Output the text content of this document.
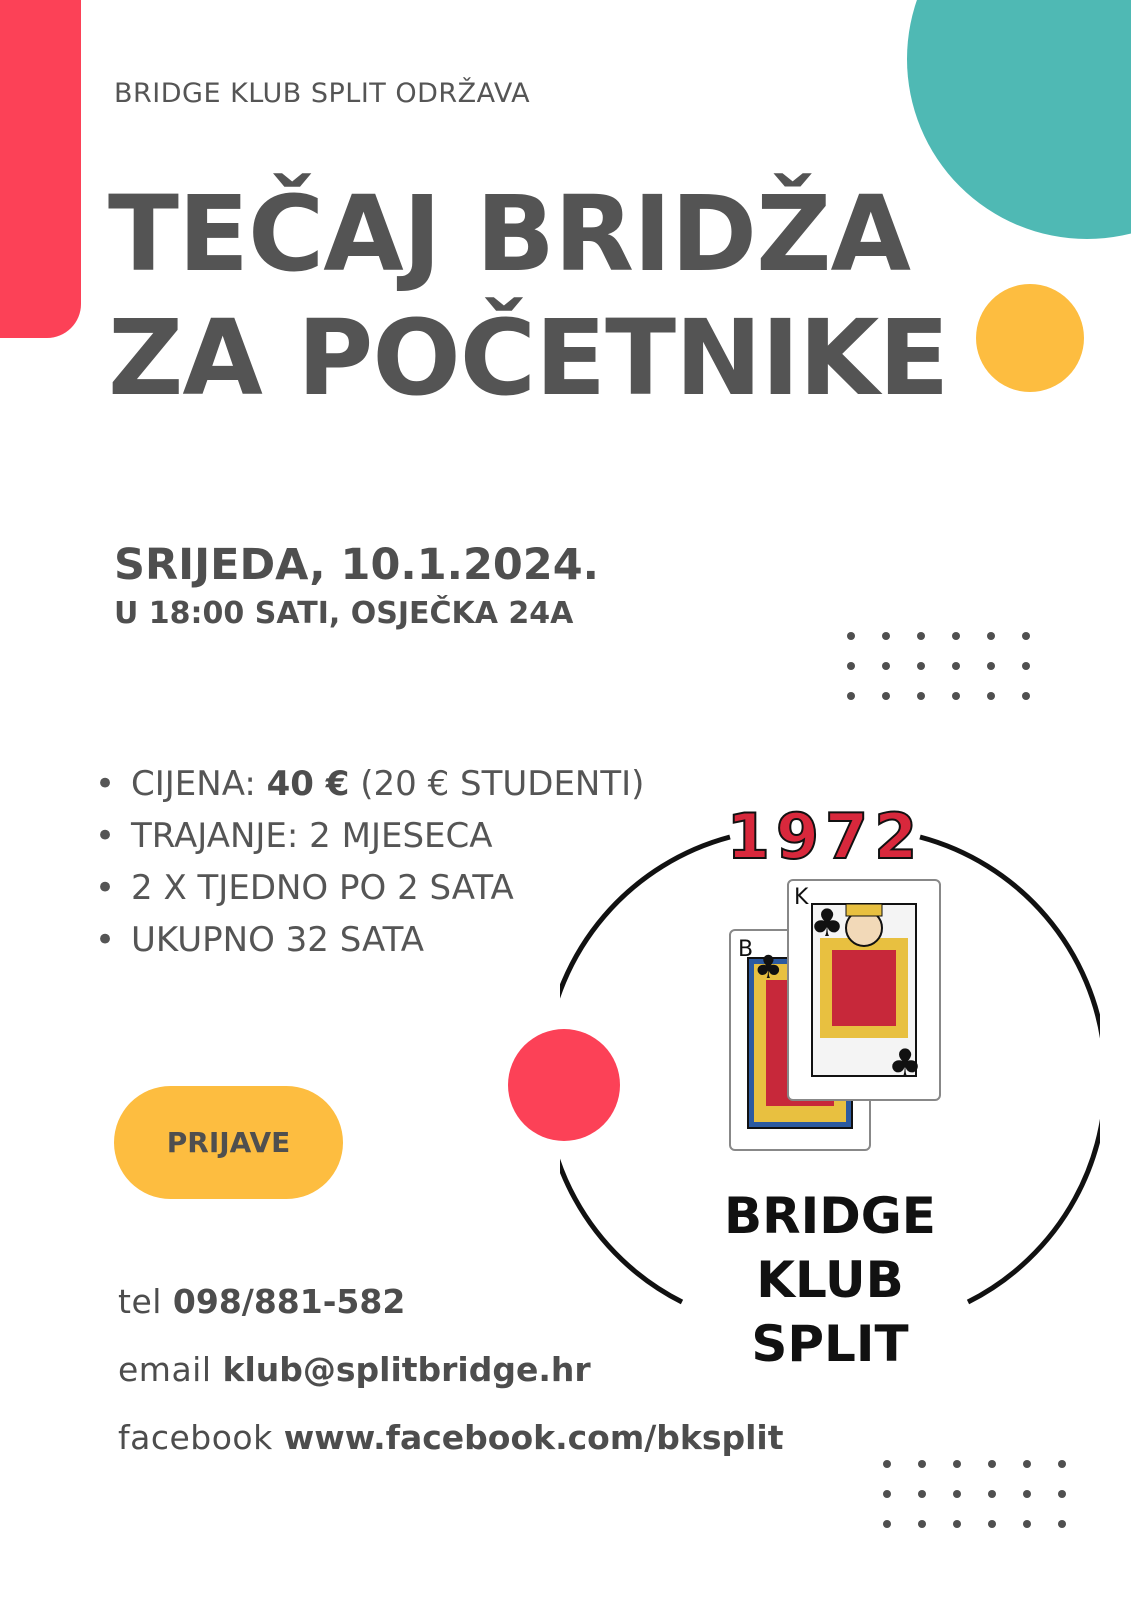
BRIDGE KLUB SPLIT ODRŽAVA
TEČAJ BRIDŽA
ZA POČETNIKE
SRIJEDA, 10.1.2024.
U 18:00 SATI, OSJEČKA 24A
• CIJENA: 40 € (20 € STUDENTI)
• TRAJANJE: 2 MJESECA
• 2 X TJEDNO PO 2 SATA
• UKUPNO 32 SATA
PRIJAVE
tel 098/881-582
email klub@splitbridge.hr
facebook www.facebook.com/bksplit
1972
B ♣
K
♣
♣
BRIDGE
KLUB
SPLIT
